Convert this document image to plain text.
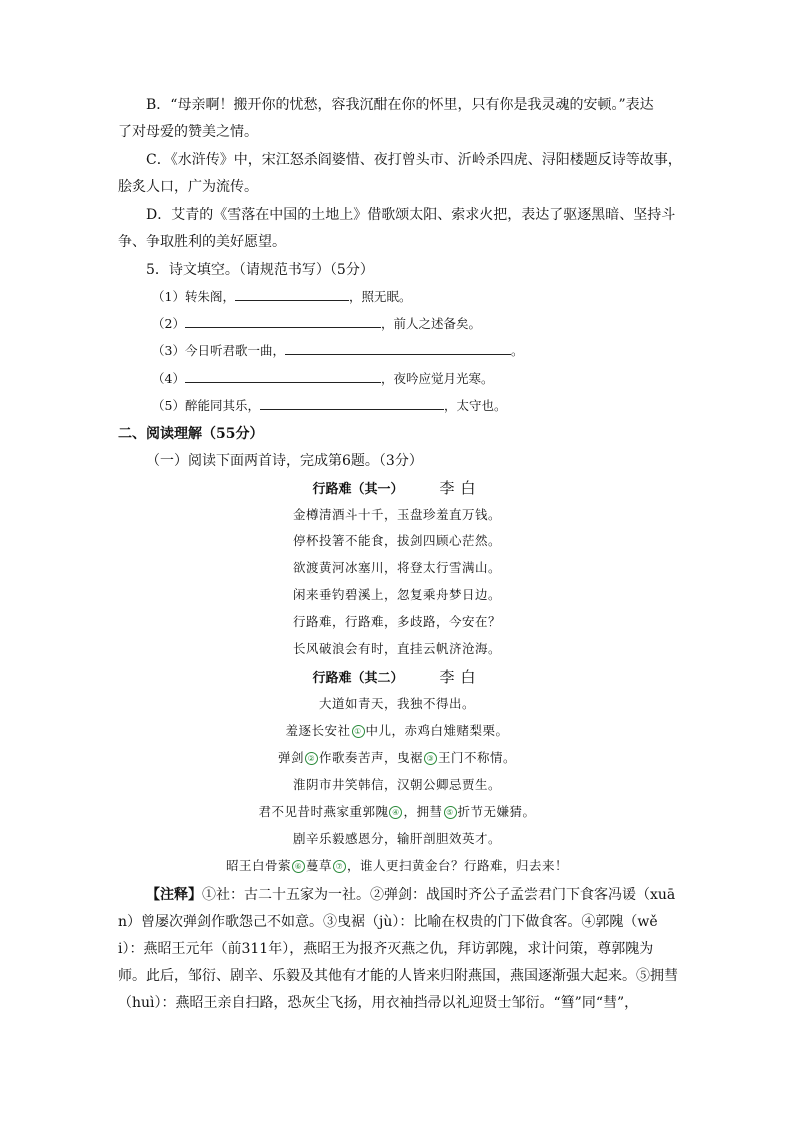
B．“母亲啊！搬开你的忧愁，容我沉酣在你的怀里，只有你是我灵魂的安顿。”表达
了对母爱的赞美之情。
C．《水浒传》中，宋江怒杀阎婆惜、夜打曾头市、沂岭杀四虎、浔阳楼题反诗等故事，
脍炙人口，广为流传。
D．艾青的《雪落在中国的土地上》借歌颂太阳、索求火把，表达了驱逐黑暗、坚持斗
争、争取胜利的美好愿望。
5．诗文填空。（请规范书写）（5分）
（1）转朱阁，	，照无眠。
（2）	，前人之述备矣。
（3）今日听君歌一曲，	。
（4）	，夜吟应觉月光寒。
（5）醉能同其乐，	，太守也。
二、阅读理解（55分）
（一）阅读下面两首诗，完成第6题。（3分）
行路难（其一） 李白
金樽清酒斗十千，玉盘珍羞直万钱。
停杯投箸不能食，拔剑四顾心茫然。
欲渡黄河冰塞川，将登太行雪满山。
闲来垂钓碧溪上，忽复乘舟梦日边。
行路难，行路难，多歧路，今安在？
长风破浪会有时，直挂云帆济沧海。
行路难（其二） 李白
大道如青天，我独不得出。
羞逐长安社 ① 中儿，赤鸡白雉赌梨栗。
弹剑 ② 作歌奏苦声，曳裾 ③ 王门不称情。
淮阴市井笑韩信，汉朝公卿忌贾生。
君不见昔时燕家重郭隗 ④ ，拥彗 ⑤ 折节无嫌猜。
剧辛乐毅感恩分，输肝剖胆效英才。
昭王白骨萦 ⑥ 蔓草 ⑦ ，谁人更扫黄金台？行路难，归去来！
【注释】①社：古二十五家为一社。②弹剑：战国时齐公子孟尝君门下食客冯谖（xuā
n）曾屡次弹剑作歌怨己不如意。③曳裾（jù）：比喻在权贵的门下做食客。④郭隗（wě
i）：燕昭王元年（前311年），燕昭王为报齐灭燕之仇，拜访郭隗，求计问策，尊郭隗为
师。此后，邹衍、剧辛、乐毅及其他有才能的人皆来归附燕国，燕国逐渐强大起来。⑤拥彗
（huì）：燕昭王亲自扫路，恐灰尘飞扬，用衣袖挡帚以礼迎贤士邹衍。“篲”同“彗”，
